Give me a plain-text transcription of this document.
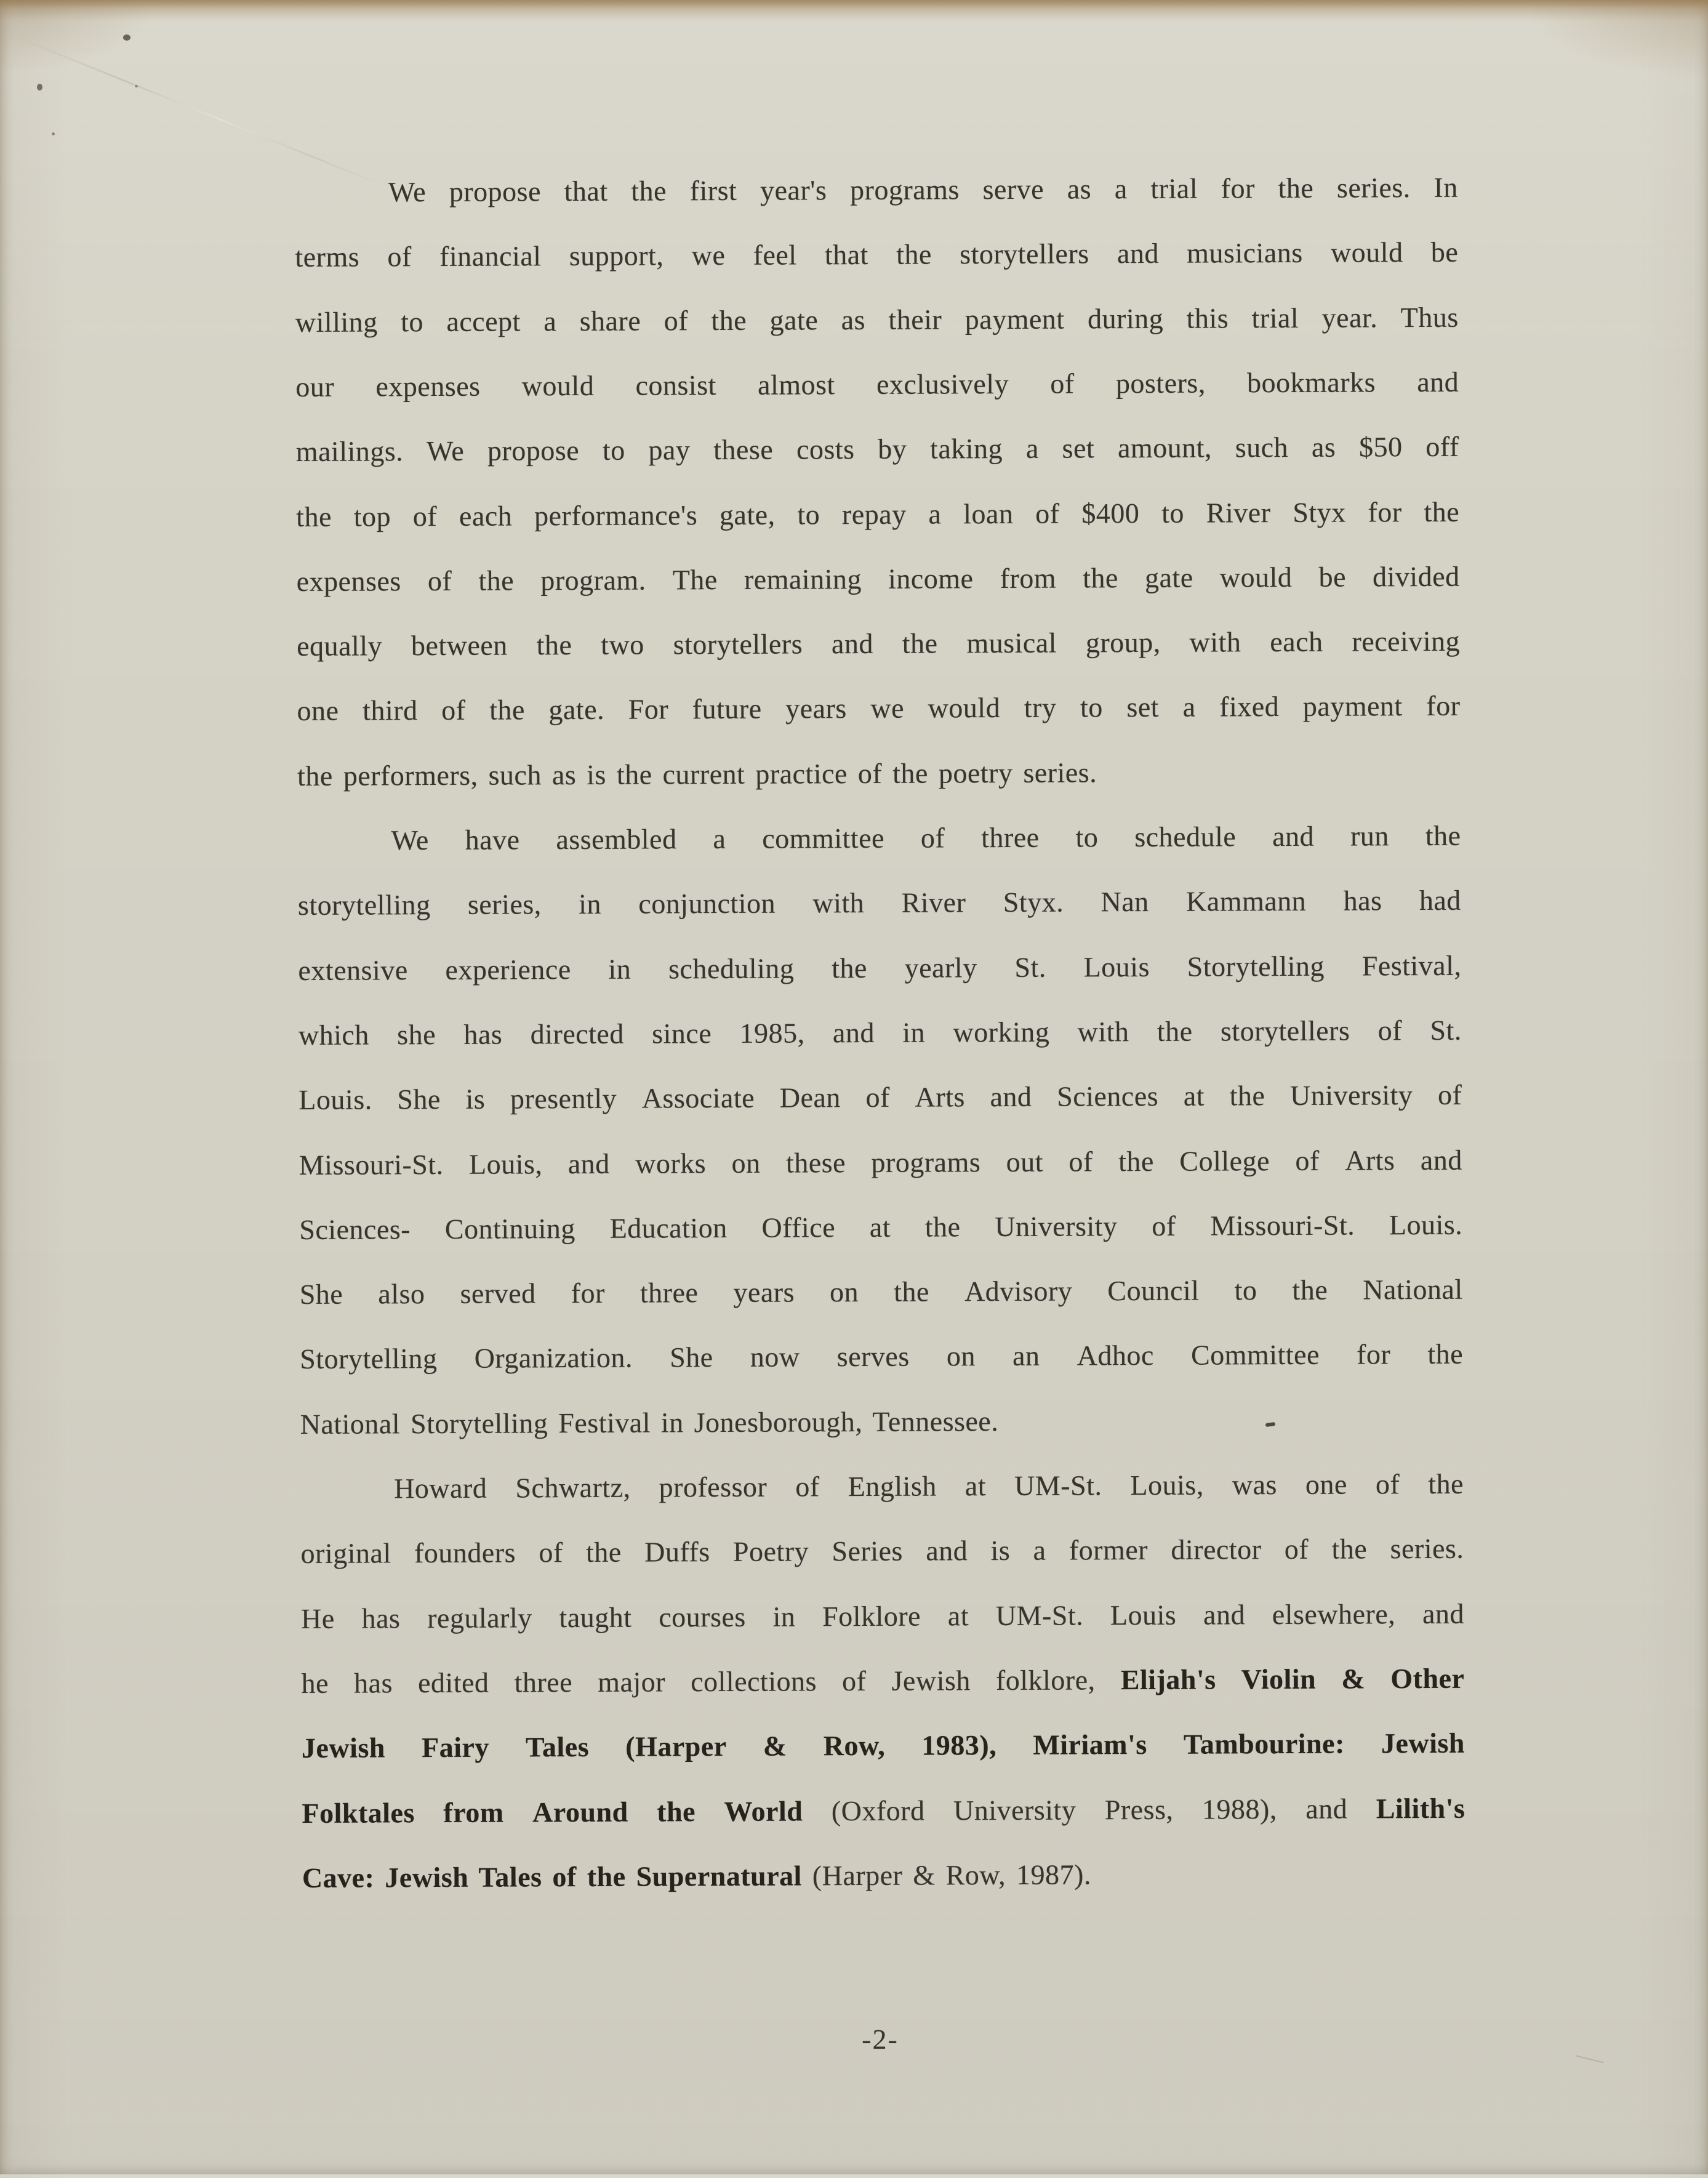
We propose that the first year's programs serve as a trial for the series. In
terms of financial support, we feel that the storytellers and musicians would be
willing to accept a share of the gate as their payment during this trial year. Thus
our expenses would consist almost exclusively of posters, bookmarks and
mailings. We propose to pay these costs by taking a set amount, such as $50 off
the top of each performance's gate, to repay a loan of $400 to River Styx for the
expenses of the program. The remaining income from the gate would be divided
equally between the two storytellers and the musical group, with each receiving
one third of the gate. For future years we would try to set a fixed payment for
the performers, such as is the current practice of the poetry series.
We have assembled a committee of three to schedule and run the
storytelling series, in conjunction with River Styx. Nan Kammann has had
extensive experience in scheduling the yearly St. Louis Storytelling Festival,
which she has directed since 1985, and in working with the storytellers of St.
Louis. She is presently Associate Dean of Arts and Sciences at the University of
Missouri-St. Louis, and works on these programs out of the College of Arts and
Sciences- Continuing Education Office at the University of Missouri-St. Louis.
She also served for three years on the Advisory Council to the National
Storytelling Organization. She now serves on an Adhoc Committee for the
National Storytelling Festival in Jonesborough, Tennessee.
Howard Schwartz, professor of English at UM-St. Louis, was one of the
original founders of the Duffs Poetry Series and is a former director of the series.
He has regularly taught courses in Folklore at UM-St. Louis and elsewhere, and
he has edited three major collections of Jewish folklore, Elijah's Violin & Other
Jewish Fairy Tales (Harper & Row, 1983), Miriam's Tambourine: Jewish
Folktales from Around the World (Oxford University Press, 1988), and Lilith's
Cave: Jewish Tales of the Supernatural (Harper & Row, 1987).
-2-
